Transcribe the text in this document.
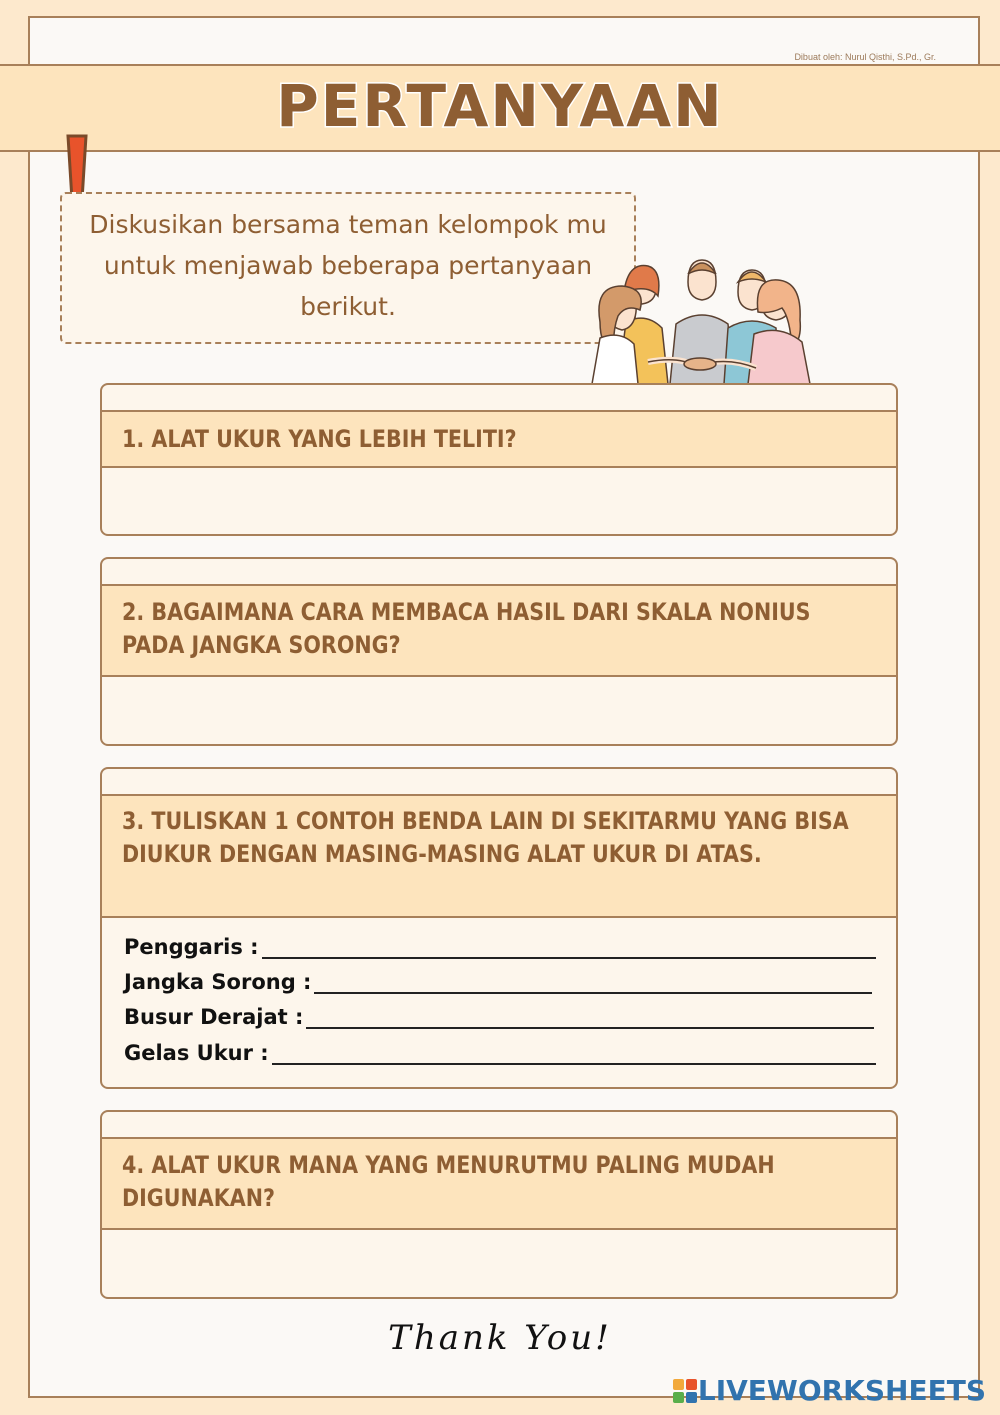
Dibuat oleh: Nurul Qisthi, S.Pd., Gr.
PERTANYAAN
Diskusikan bersama teman kelompok mu untuk menjawab beberapa pertanyaan berikut.
1. ALAT UKUR YANG LEBIH TELITI?
2. BAGAIMANA CARA MEMBACA HASIL DARI SKALA NONIUS PADA JANGKA SORONG?
3. TULISKAN 1 CONTOH BENDA LAIN DI SEKITARMU YANG BISA DIUKUR DENGAN MASING-MASING ALAT UKUR DI ATAS.
Penggaris :
Jangka Sorong :
Busur Derajat :
Gelas Ukur :
4. ALAT UKUR MANA YANG MENURUTMU PALING MUDAH DIGUNAKAN?
Thank You!
LIVEWORKSHEETS
